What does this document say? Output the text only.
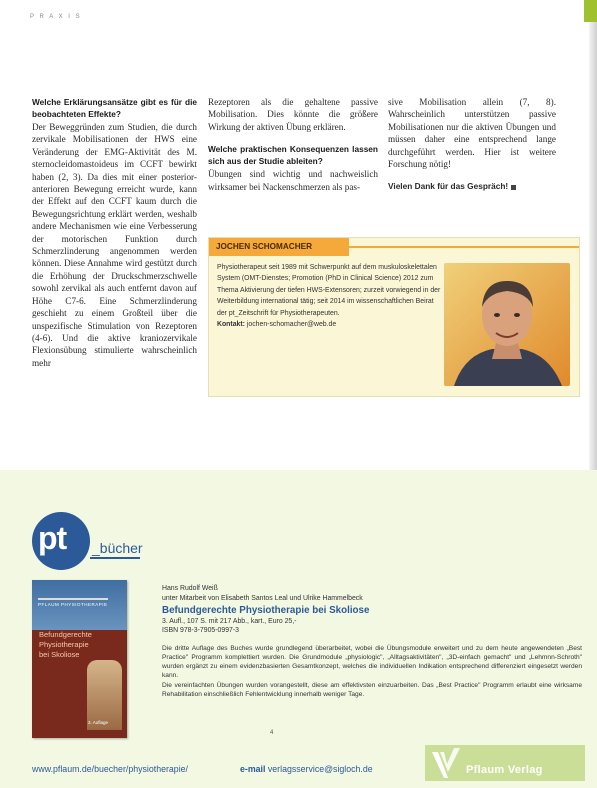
P R A X I S
Welche Erklärungsansätze gibt es für die beobachteten Effekte?
Der Beweggründen zum Studien, die durch zervikale Mobilisationen der HWS eine Veränderung der EMG-Aktivität des M. sternocleidomastoideus im CCFT bewirkt haben (2, 3). Da dies mit einer posterior-anterioren Bewegung erreicht wurde, kann der Effekt auf den CCFT kaum durch die Bewegungsrichtung erklärt werden, weshalb andere Mechanismen wie eine Verbesserung der motorischen Funktion durch Schmerzlinderung angenommen werden können. Diese Annahme wird gestützt durch die Erhöhung der Druckschmerzschwelle sowohl zervikal als auch entfernt davon auf Höhe C7-6. Eine Schmerzlinderung geschieht zu einem Großteil über die unspezifische Stimulation von Rezeptoren (4-6). Und die aktive kraniozervikale Flexionsübung stimulierte wahrscheinlich mehr

Rezeptoren als die gehaltene passive Mobilisation. Dies könnte die größere Wirkung der aktiven Übung erklären.

Welche praktischen Konsequenzen lassen sich aus der Studie ableiten?
Übungen sind wichtig und nachweislich wirksamer bei Nackenschmerzen als pas-

sive Mobilisation allein (7, 8). Wahrscheinlich unterstützen passive Mobilisationen nur die aktiven Übungen und müssen daher eine entsprechend lange durchgeführt werden. Hier ist weitere Forschung nötig!

Vielen Dank für das Gespräch!
JOCHEN SCHOMACHER
Physiotherapeut seit 1989 mit Schwerpunkt auf dem muskuloskelettalen System (OMT-Dienstes; Promotion (PhD in Clinical Science) 2012 zum Thema Aktivierung der tiefen HWS-Extensoren; zurzeit vorwiegend in der Weiterbildung international tätig; seit 2014 im wissenschaftlichen Beirat der pt_Zeitschrift für Physiotherapeuten.
Kontakt: jochen-schomacher@web.de
pt _bücher
PFLAUM PHYSIOTHERAPIE
Befundgerechte Physiotherapie bei Skoliose
3. Auflage
Hans Rudolf Weiß
unter Mitarbeit von Elisabeth Santos Leal und Ulrike Hammelbeck
Befundgerechte Physiotherapie bei Skoliose
3. Aufl., 107 S. mit 217 Abb., kart., Euro 25,-
ISBN 978-3-7905-0997-3

Die dritte Auflage des Buches wurde grundlegend überarbeitet, wobei die Übungsmodule erweitert und zu dem heute angewendeten „Best Practice" Programm komplettiert wurden. Die Grundmodule „physiologic", „Alltagsaktivitäten", „3D-einfach gemacht" und „Lehmnn-Schroth" wurden ergänzt zu einem evidenzbasierten Gesamtkonzept, welches die individuellen Indikation entsprechend differenziert eingesetzt werden kann.

Die vereinfachten Übungen wurden vorangestellt, diese am effektivsten einzuarbeiten. Das „Best Practice" Programm erlaubt eine wirksame Rehabilitation einschließlich Fehlentwicklung innerhalb weniger Tage.

4
www.pflaum.de/buecher/physiotherapie/	e-mail verlagsservice@sigloch.de	Pflaum Verlag
